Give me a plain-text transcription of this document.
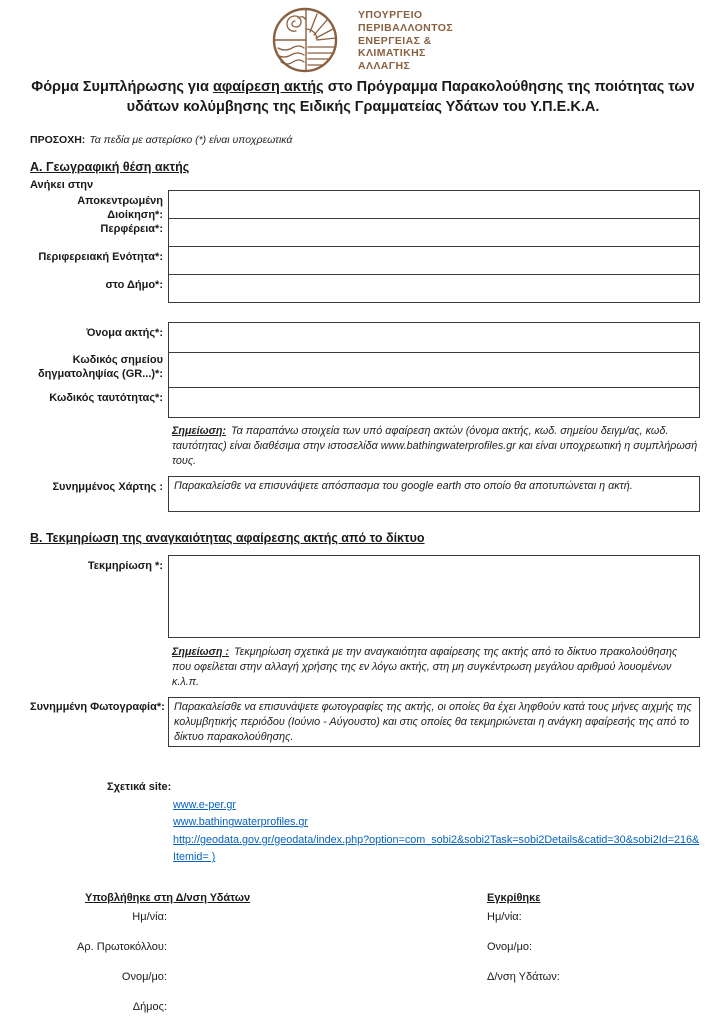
ΥΠΟΥΡΓΕΙΟ
ΠΕΡΙΒΑΛΛΟΝΤΟΣ
ΕΝΕΡΓΕΙΑΣ &
ΚΛΙΜΑΤΙΚΗΣ
ΑΛΛΑΓΗΣ
Φόρμα Συμπλήρωσης για αφαίρεση ακτής στο Πρόγραμμα Παρακολούθησης της ποιότητας των υδάτων κολύμβησης της Ειδικής Γραμματείας Υδάτων του Υ.Π.Ε.Κ.Α.
ΠΡΟΣΟΧΗ: Τα πεδία με αστερίσκο (*) είναι υποχρεωτικά
Α. Γεωγραφική θέση ακτής
Ανήκει στην
Αποκεντρωμένη Διοίκηση*:
Περφέρεια*:
Περιφερειακή Ενότητα*:
στο Δήμο*:
Όνομα ακτής*:
Κωδικός σημείου δηγματοληψίας (GR...)*:
Κωδικός ταυτότητας*:
Σημείωση: Τα παραπάνω στοιχεία των υπό αφαίρεση ακτών (όνομα ακτής, κωδ. σημείου δειγμ/ας, κωδ. ταυτότητας) είναι διαθέσιμα στην ιστοσελίδα www.bathingwaterprofiles.gr και είναι υποχρεωτική η συμπλήρωσή τους.
Συνημμένος Χάρτης :	Παρακαλείσθε να επισυνάψετε απόσπασμα του google earth στο οποίο θα αποτυπώνεται η ακτή.
Β. Τεκμηρίωση της αναγκαιότητας αφαίρεσης ακτής από το δίκτυο
Τεκμηρίωση *:
Σημείωση : Τεκμηρίωση σχετικά με την αναγκαιότητα αφαίρεσης της ακτής από το δίκτυο πρακολούθησης που οφείλεται στην αλλαγή χρήσης της εν λόγω ακτής, στη μη συγκέντρωση μεγάλου αριθμού λουομένων κ.λ.π.
Συνημμένη Φωτογραφία*: Παρακαλείσθε να επισυνάψετε φωτογραφίες της ακτής, οι οποίες θα έχει ληφθούν κατά τους μήνες αιχμής της κολυμβητικής περιόδου (Ιούνιο - Αύγουστο) και στις οποίες θα τεκμηριώνεται η ανάγκη αφαίρεσής της από το δίκτυο παρακολούθησης.
Σχετικά site:
www.e-per.gr
www.bathingwaterprofiles.gr
http://geodata.gov.gr/geodata/index.php?option=com_sobi2&sobi2Task=sobi2Details&catid=30&sobi2Id=216&Itemid= )
Υποβλήθηκε στη Δ/νση Υδάτων
Ημ/νία:
Αρ. Πρωτοκόλλου:
Ονομ/μο:
Δήμος:
Εγκρίθηκε
Ημ/νία:
Ονομ/μο:
Δ/νση Υδάτων:
